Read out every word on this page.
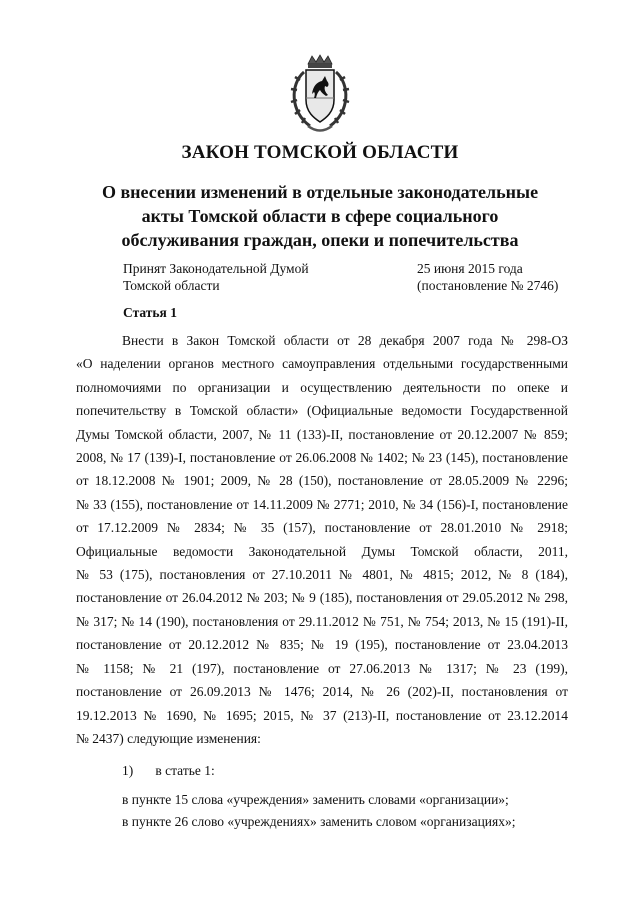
ЗАКОН ТОМСКОЙ ОБЛАСТИ
О внесении изменений в отдельные законодательные
акты Томской области в сфере социального
обслуживания граждан, опеки и попечительства
Принят Законодательной Думой
Томской области
25 июня 2015 года
(постановление № 2746)
Статья 1
Внести в Закон Томской области от 28 декабря 2007 года № 298-ОЗ
«О наделении органов местного самоуправления отдельными государственными
полномочиями по организации и осуществлению деятельности по опеке и
попечительству в Томской области» (Официальные ведомости Государственной
Думы Томской области, 2007, № 11 (133)-II, постановление от 20.12.2007 № 859;
2008, № 17 (139)-I, постановление от 26.06.2008 № 1402; № 23 (145), постановление
от 18.12.2008 № 1901; 2009, № 28 (150), постановление от 28.05.2009 № 2296;
№ 33 (155), постановление от 14.11.2009 № 2771; 2010, № 34 (156)-I, постановление
от 17.12.2009 № 2834; № 35 (157), постановление от 28.01.2010 № 2918;
Официальные ведомости Законодательной Думы Томской области, 2011,
№ 53 (175), постановления от 27.10.2011 № 4801, № 4815; 2012, № 8 (184),
постановление от 26.04.2012 № 203; № 9 (185), постановления от 29.05.2012 № 298,
№ 317; № 14 (190), постановления от 29.11.2012 № 751, № 754; 2013, № 15 (191)-II,
постановление от 20.12.2012 № 835; № 19 (195), постановление от 23.04.2013
№ 1158; № 21 (197), постановление от 27.06.2013 № 1317; № 23 (199),
постановление от 26.09.2013 № 1476; 2014, № 26 (202)-II, постановления от
19.12.2013 № 1690, № 1695; 2015, № 37 (213)-II, постановление от 23.12.2014
№ 2437) следующие изменения:
1) в статье 1:
в пункте 15 слова «учреждения» заменить словами «организации»;
в пункте 26 слово «учреждениях» заменить словом «организациях»;
